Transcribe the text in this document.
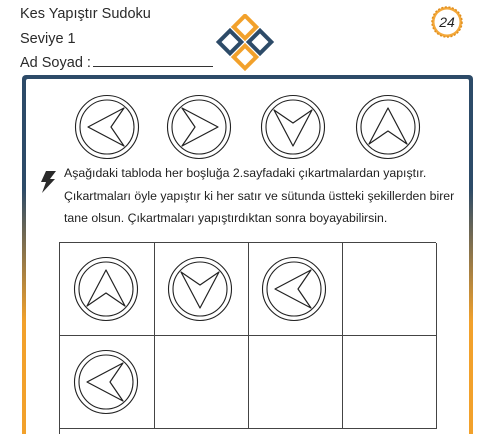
Kes Yapıştır Sudoku
Seviye 1
Ad Soyad :
24
Aşağıdaki tabloda her boşluğa 2.sayfadaki çıkartmalardan yapıştır.
Çıkartmaları öyle yapıştır ki her satır ve sütunda üstteki şekillerden birer
tane olsun. Çıkartmaları yapıştırdıktan sonra boyayabilirsin.
